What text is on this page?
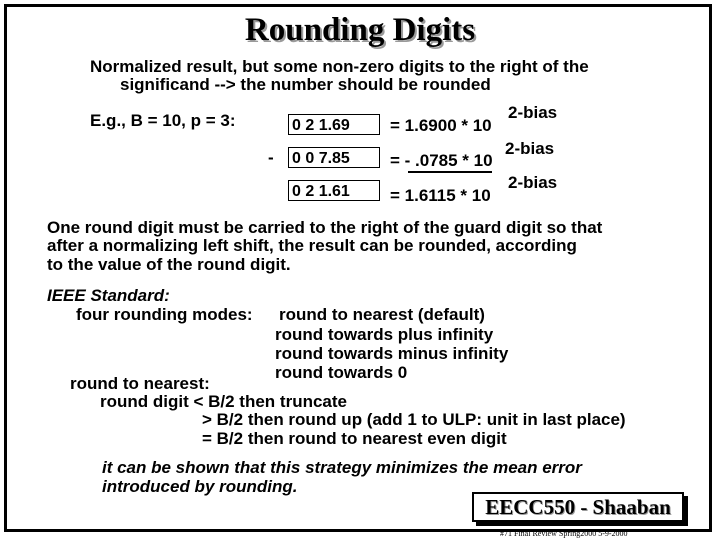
Rounding Digits
Normalized result, but some non-zero digits to the right of the
significand --> the number should be rounded
E.g., B = 10, p = 3:	0 2 1.69	= 1.6900 * 10
2-bias
- 0 0 7.85	= - .0785 * 10
2-bias
0 2 1.61	= 1.6115 * 10
2-bias
One round digit must be carried to the right of the guard digit so that
after a normalizing left shift, the result can be rounded, according
to the value of the round digit.
IEEE Standard:
four rounding modes: round to nearest (default)
round towards plus infinity
round towards minus infinity
round towards 0
round to nearest:
round digit < B/2 then truncate
> B/2 then round up (add 1 to ULP: unit in last place)
= B/2 then round to nearest even digit
it can be shown that this strategy minimizes the mean error
introduced by rounding.
EECC550 - Shaaban
#71 Final Review Spring2000 5-9-2000
